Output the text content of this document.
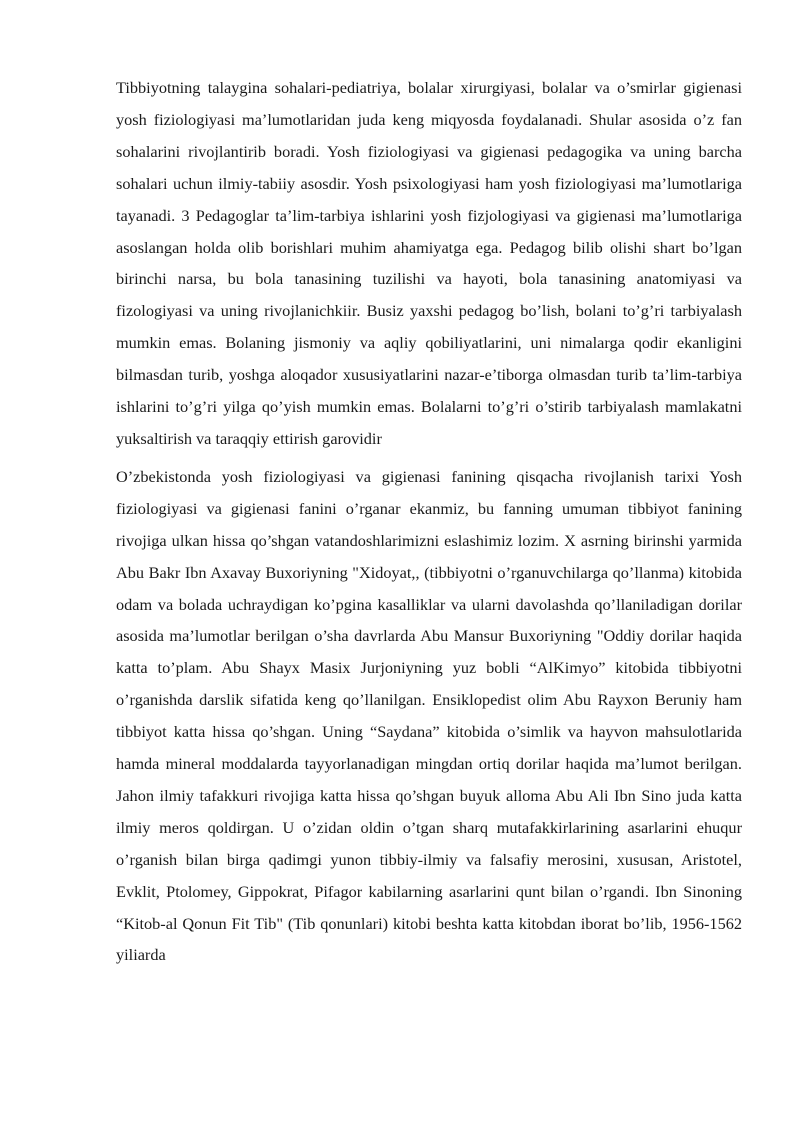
Tibbiyotning talaygina sohalari-pediatriya, bolalar xirurgiyasi, bolalar va o’smirlar gigienasi yosh fiziologiyasi ma’lumotlaridan juda keng miqyosda foydalanadi. Shular asosida o’z fan sohalarini rivojlantirib boradi. Yosh fiziologiyasi va gigienasi pedagogika va uning barcha sohalari uchun ilmiy-tabiiy asosdir. Yosh psixologiyasi ham yosh fiziologiyasi ma’lumotlariga tayanadi. 3 Pedagoglar ta’lim-tarbiya ishlarini yosh fizjologiyasi va gigienasi ma’lumotlariga asoslangan holda olib borishlari muhim ahamiyatga ega. Pedagog bilib olishi shart bo’lgan birinchi narsa, bu bola tanasining tuzilishi va hayoti, bola tanasining anatomiyasi va fizologiyasi va uning rivojlanichkiir. Busiz yaxshi pedagog bo’lish, bolani to’g’ri tarbiyalash mumkin emas. Bolaning jismoniy va aqliy qobiliyatlarini, uni nimalarga qodir ekanligini bilmasdan turib, yoshga aloqador xususiyatlarini nazar-e’tiborga olmasdan turib ta’lim-tarbiya ishlarini to’g’ri yilga qo’yish mumkin emas. Bolalarni to’g’ri o’stirib tarbiyalash mamlakatni yuksaltirish va taraqqiy ettirish garovidir

O’zbekistonda yosh fiziologiyasi va gigienasi fanining qisqacha rivojlanish tarixi Yosh fiziologiyasi va gigienasi fanini o’rganar ekanmiz, bu fanning umuman tibbiyot fanining rivojiga ulkan hissa qo’shgan vatandoshlarimizni eslashimiz lozim. X asrning birinshi yarmida Abu Bakr Ibn Axavay Buxoriyning "Xidoyat,, (tibbiyotni o’rganuvchilarga qo’llanma) kitobida odam va bolada uchraydigan ko’pgina kasalliklar va ularni davolashda qo’llaniladigan dorilar asosida ma’lumotlar berilgan o’sha davrlarda Abu Mansur Buxoriyning "Oddiy dorilar haqida katta to’plam. Abu Shayx Masix Jurjoniyning yuz bobli “AlKimyo” kitobida tibbiyotni o’rganishda darslik sifatida keng qo’llanilgan. Ensiklopedist olim Abu Rayxon Beruniy ham tibbiyot katta hissa qo’shgan. Uning “Saydana” kitobida o’simlik va hayvon mahsulotlarida hamda mineral moddalarda tayyorlanadigan mingdan ortiq dorilar haqida ma’lumot berilgan. Jahon ilmiy tafakkuri rivojiga katta hissa qo’shgan buyuk alloma Abu Ali Ibn Sino juda katta ilmiy meros qoldirgan. U o’zidan oldin o’tgan sharq mutafakkirlarining asarlarini ehuqur o’rganish bilan birga qadimgi yunon tibbiy-ilmiy va falsafiy merosini, xususan, Aristotel, Evklit, Ptolomey, Gippokrat, Pifagor kabilarning asarlarini qunt bilan o’rgandi. Ibn Sinoning “Kitob-al Qonun Fit Tib" (Tib qonunlari) kitobi beshta katta kitobdan iborat bo’lib, 1956-1562 yiliarda
